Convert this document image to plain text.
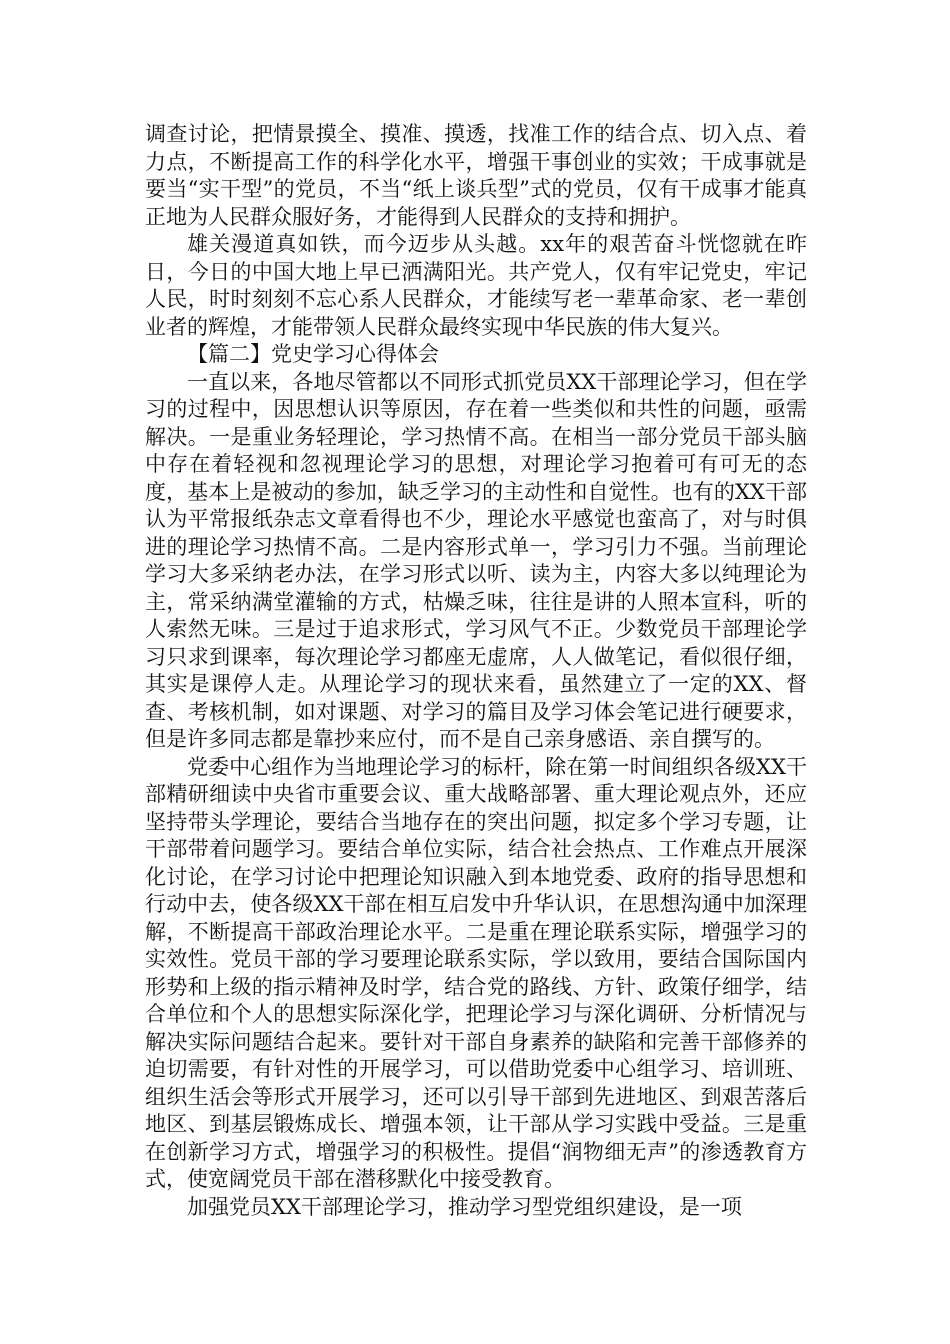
调查讨论，把情景摸全、摸准、摸透，找准工作的结合点、切入点、着力点，不断提高工作的科学化水平，增强干事创业的实效；干成事就是要当“实干型”的党员，不当“纸上谈兵型”式的党员，仅有干成事才能真正地为人民群众服好务，才能得到人民群众的支持和拥护。

雄关漫道真如铁，而今迈步从头越。xx年的艰苦奋斗恍惚就在昨日，今日的中国大地上早已洒满阳光。共产党人，仅有牢记党史，牢记人民，时时刻刻不忘心系人民群众，才能续写老一辈革命家、老一辈创业者的辉煌，才能带领人民群众最终实现中华民族的伟大复兴。

【篇二】党史学习心得体会

一直以来，各地尽管都以不同形式抓党员XX干部理论学习，但在学习的过程中，因思想认识等原因，存在着一些类似和共性的问题，亟需解决。一是重业务轻理论，学习热情不高。在相当一部分党员干部头脑中存在着轻视和忽视理论学习的思想，对理论学习抱着可有可无的态度，基本上是被动的参加，缺乏学习的主动性和自觉性。也有的XX干部认为平常报纸杂志文章看得也不少，理论水平感觉也蛮高了，对与时俱进的理论学习热情不高。二是内容形式单一，学习引力不强。当前理论学习大多采纳老办法，在学习形式以听、读为主，内容大多以纯理论为主，常采纳满堂灌输的方式，枯燥乏味，往往是讲的人照本宣科，听的人索然无味。三是过于追求形式，学习风气不正。少数党员干部理论学习只求到课率，每次理论学习都座无虚席，人人做笔记，看似很仔细，其实是课停人走。从理论学习的现状来看，虽然建立了一定的XX、督查、考核机制，如对课题、对学习的篇目及学习体会笔记进行硬要求，但是许多同志都是靠抄来应付，而不是自己亲身感语、亲自撰写的。

党委中心组作为当地理论学习的标杆，除在第一时间组织各级XX干部精研细读中央省市重要会议、重大战略部署、重大理论观点外，还应坚持带头学理论，要结合当地存在的突出问题，拟定多个学习专题，让干部带着问题学习。要结合单位实际，结合社会热点、工作难点开展深化讨论，在学习讨论中把理论知识融入到本地党委、政府的指导思想和行动中去，使各级XX干部在相互启发中升华认识，在思想沟通中加深理解，不断提高干部政治理论水平。二是重在理论联系实际，增强学习的实效性。党员干部的学习要理论联系实际，学以致用，要结合国际国内形势和上级的指示精神及时学，结合党的路线、方针、政策仔细学，结合单位和个人的思想实际深化学，把理论学习与深化调研、分析情况与解决实际问题结合起来。要针对干部自身素养的缺陷和完善干部修养的迫切需要，有针对性的开展学习，可以借助党委中心组学习、培训班、组织生活会等形式开展学习，还可以引导干部到先进地区、到艰苦落后地区、到基层锻炼成长、增强本领，让干部从学习实践中受益。三是重在创新学习方式，增强学习的积极性。提倡“润物细无声”的渗透教育方式，使宽阔党员干部在潜移默化中接受教育。

加强党员XX干部理论学习，推动学习型党组织建设，是一项
